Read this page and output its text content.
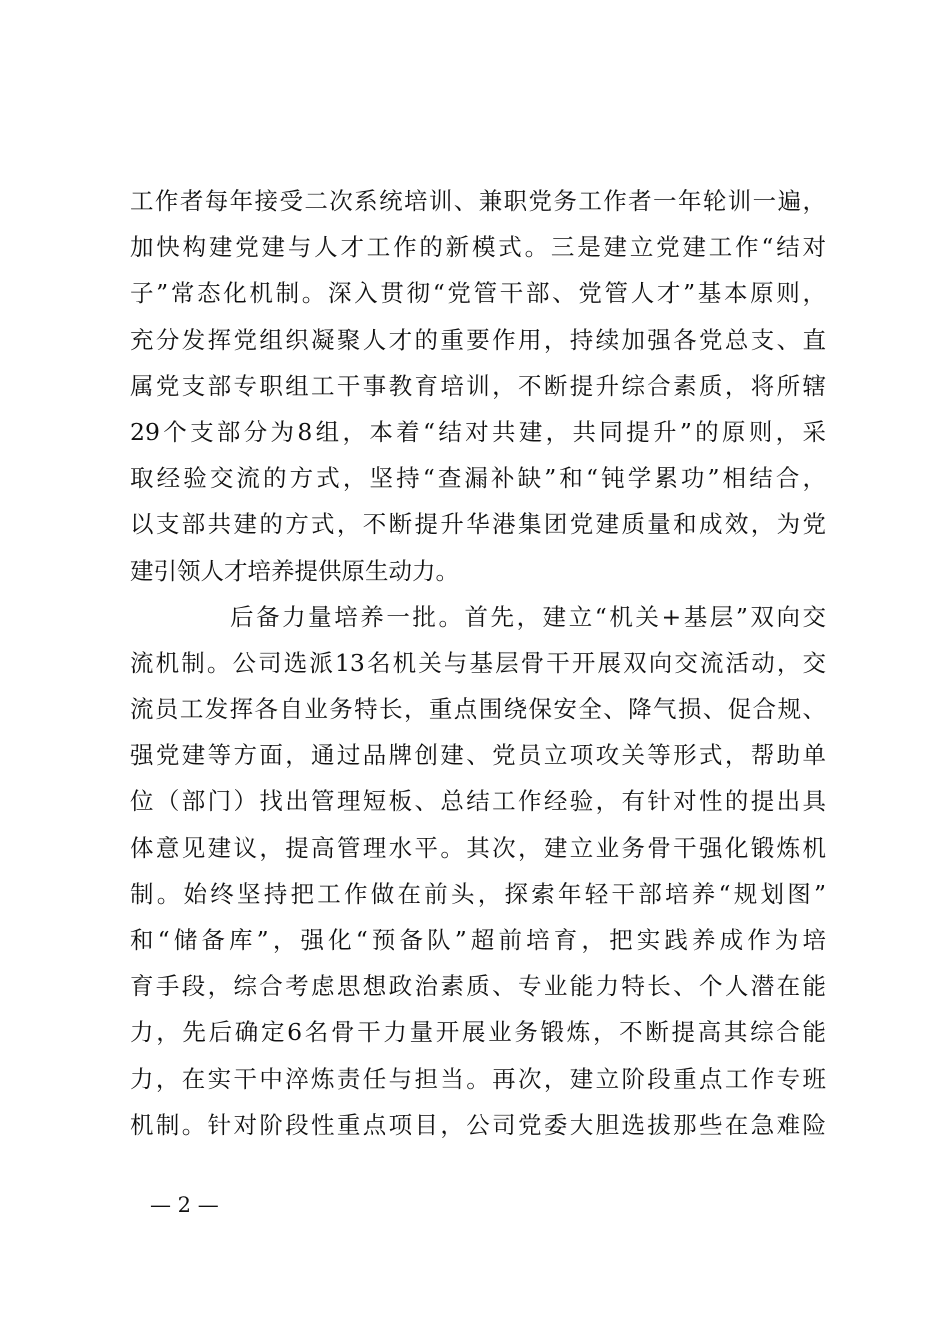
工作者每年接受二次系统培训、兼职党务工作者一年轮训一遍，
加快构建党建与人才工作的新模式。三是建立党建工作“结对
子”常态化机制。深入贯彻“党管干部、党管人才”基本原则，
充分发挥党组织凝聚人才的重要作用，持续加强各党总支、直
属党支部专职组工干事教育培训，不断提升综合素质，将所辖
29个支部分为8组，本着“结对共建，共同提升”的原则，采
取经验交流的方式，坚持“查漏补缺”和“钝学累功”相结合，
以支部共建的方式，不断提升华港集团党建质量和成效，为党
建引领人才培养提供原生动力。
后备力量培养一批。首先，建立“机关+基层”双向交
流机制。公司选派13名机关与基层骨干开展双向交流活动，交
流员工发挥各自业务特长，重点围绕保安全、降气损、促合规、
强党建等方面，通过品牌创建、党员立项攻关等形式，帮助单
位（部门）找出管理短板、总结工作经验，有针对性的提出具
体意见建议，提高管理水平。其次，建立业务骨干强化锻炼机
制。始终坚持把工作做在前头，探索年轻干部培养“规划图”
和“储备库”，强化“预备队”超前培育，把实践养成作为培
育手段，综合考虑思想政治素质、专业能力特长、个人潜在能
力，先后确定6名骨干力量开展业务锻炼，不断提高其综合能
力，在实干中淬炼责任与担当。再次，建立阶段重点工作专班
机制。针对阶段性重点项目，公司党委大胆选拔那些在急难险
— 2 —
